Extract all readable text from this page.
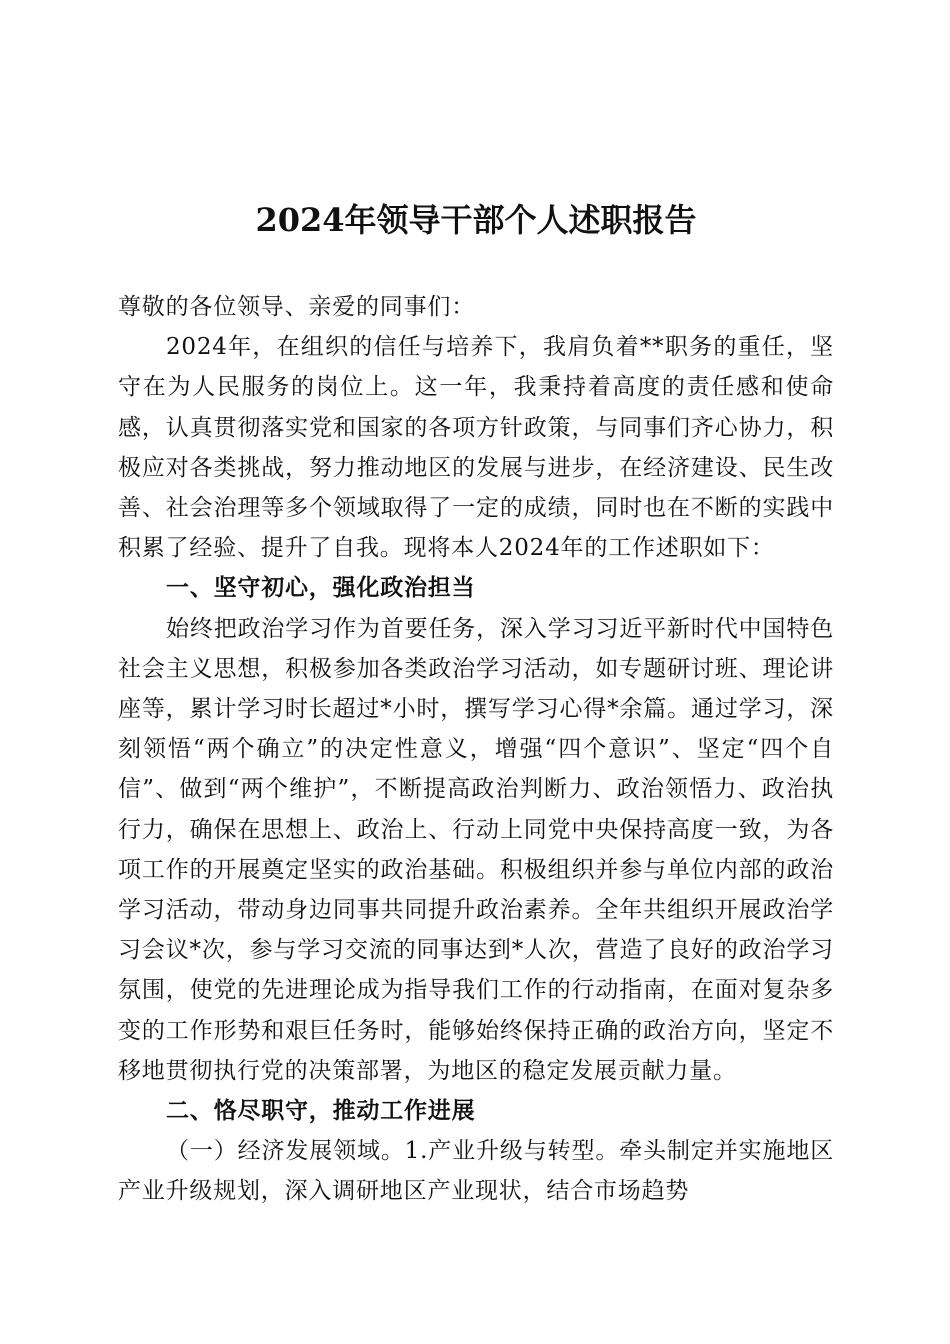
2024年领导干部个人述职报告

尊敬的各位领导、亲爱的同事们：

2024年，在组织的信任与培养下，我肩负着**职务的重任，坚守在为人民服务的岗位上。这一年，我秉持着高度的责任感和使命感，认真贯彻落实党和国家的各项方针政策，与同事们齐心协力，积极应对各类挑战，努力推动地区的发展与进步，在经济建设、民生改善、社会治理等多个领域取得了一定的成绩，同时也在不断的实践中积累了经验、提升了自我。现将本人2024年的工作述职如下：

一、坚守初心，强化政治担当

始终把政治学习作为首要任务，深入学习习近平新时代中国特色社会主义思想，积极参加各类政治学习活动，如专题研讨班、理论讲座等，累计学习时长超过*小时，撰写学习心得*余篇。通过学习，深刻领悟“两个确立”的决定性意义，增强“四个意识”、坚定“四个自信”、做到“两个维护”，不断提高政治判断力、政治领悟力、政治执行力，确保在思想上、政治上、行动上同党中央保持高度一致，为各项工作的开展奠定坚实的政治基础。积极组织并参与单位内部的政治学习活动，带动身边同事共同提升政治素养。全年共组织开展政治学习会议*次，参与学习交流的同事达到*人次，营造了良好的政治学习氛围，使党的先进理论成为指导我们工作的行动指南，在面对复杂多变的工作形势和艰巨任务时，能够始终保持正确的政治方向，坚定不移地贯彻执行党的决策部署，为地区的稳定发展贡献力量。

二、恪尽职守，推动工作进展

（一）经济发展领域。1.产业升级与转型。牵头制定并实施地区产业升级规划，深入调研地区产业现状，结合市场趋势
